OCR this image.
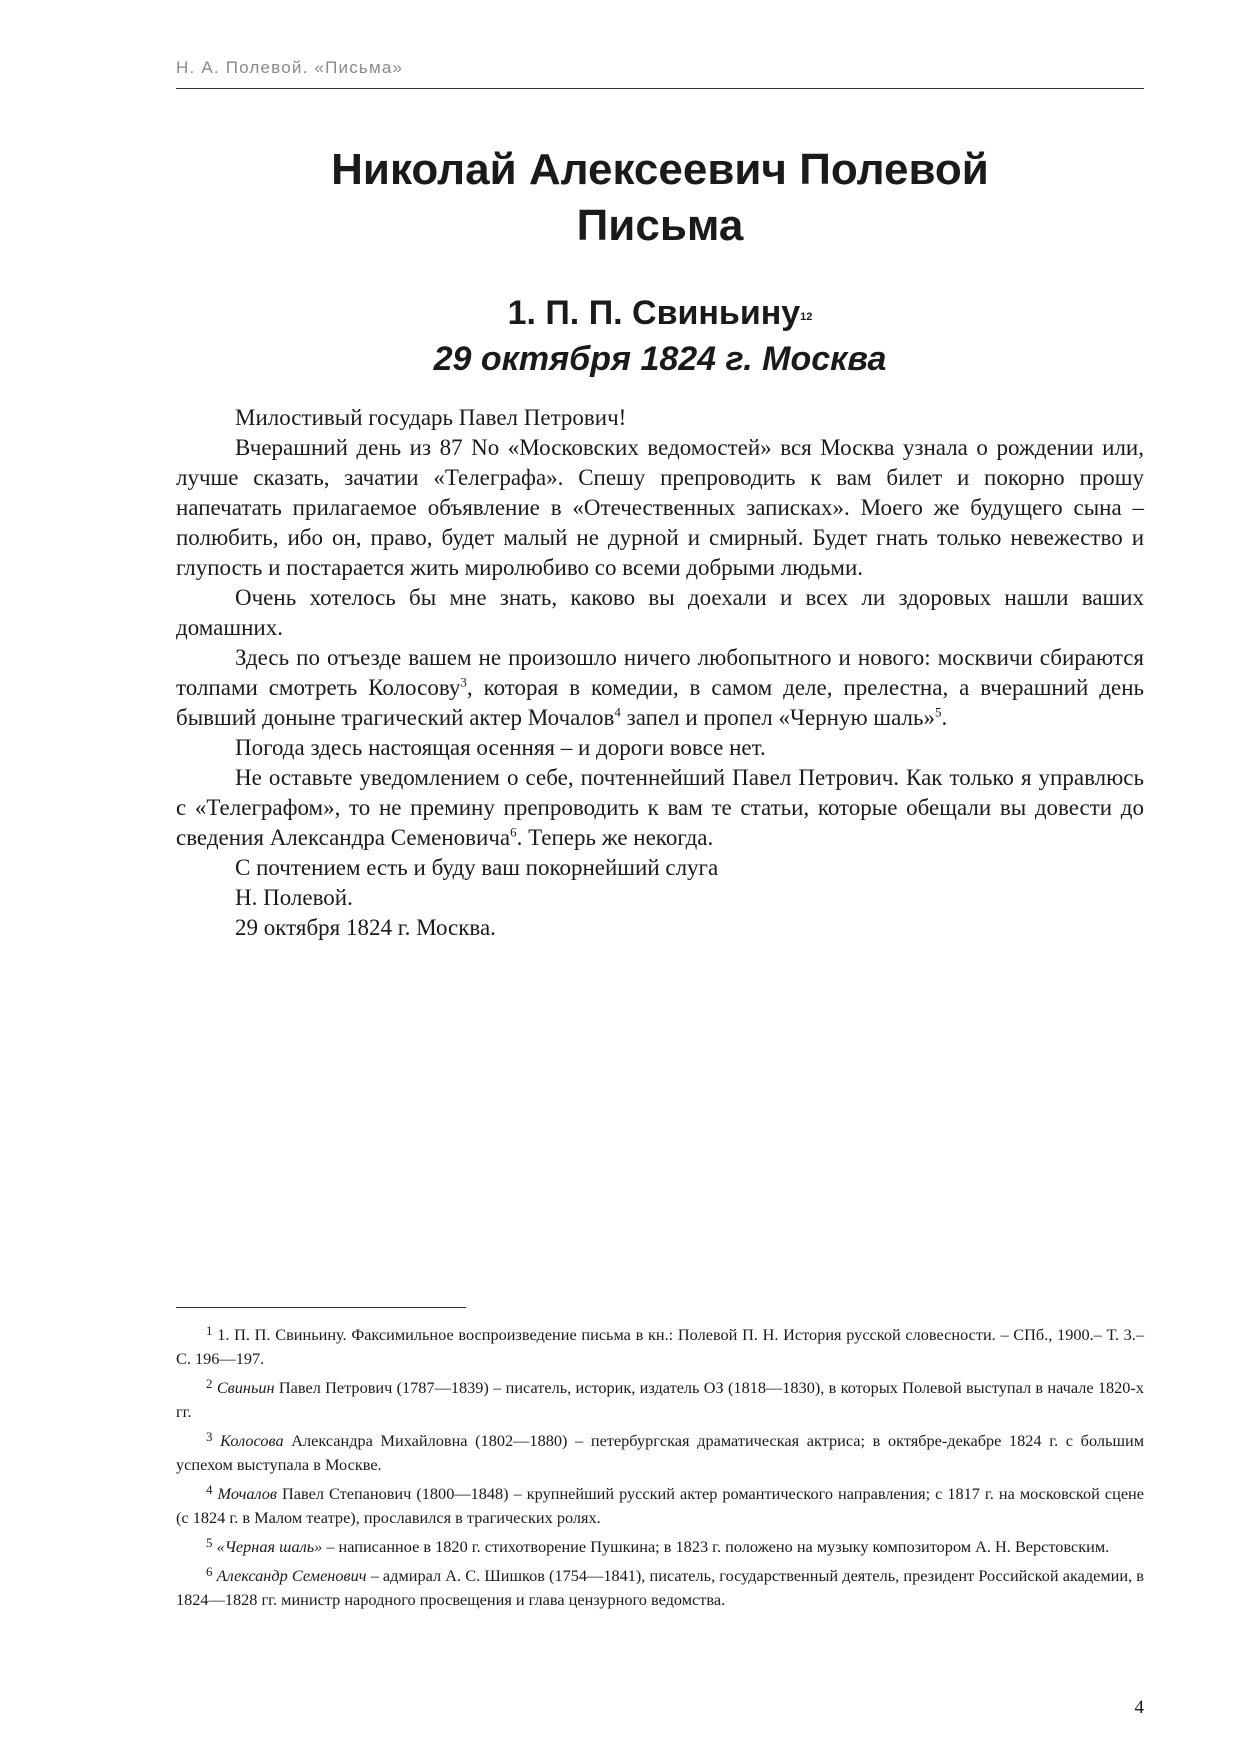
Н. А. Полевой. «Письма»
Николай Алексеевич Полевой
Письма
1. П. П. Свиньину$^{12}$
29 октября 1824 г. Москва

Милостивый государь Павел Петрович!

Вчерашний день из 87 No «Московских ведомостей» вся Москва узнала о рождении или, лучше сказать, зачатии «Телеграфа». Спешу препроводить к вам билет и покорно прошу напечатать прилагаемое объявление в «Отечественных записках». Моего же будущего сына – полюбить, ибо он, право, будет малый не дурной и смирный. Будет гнать только невежество и глупость и постарается жить миролюбиво со всеми добрыми людьми.

Очень хотелось бы мне знать, каково вы доехали и всех ли здоровых нашли ваших домашних.

Здесь по отъезде вашем не произошло ничего любопытного и нового: москвичи сбираются толпами смотреть Колосову$^3$, которая в комедии, в самом деле, прелестна, а вчерашний день бывший доныне трагический актер Мочалов$^4$ запел и пропел «Черную шаль»$^5$.

Погода здесь настоящая осенняя – и дороги вовсе нет.

Не оставьте уведомлением о себе, почтеннейший Павел Петрович. Как только я управлюсь с «Телеграфом», то не премину препроводить к вам те статьи, которые обещали вы довести до сведения Александра Семеновича$^6$. Теперь же некогда.

С почтением есть и буду ваш покорнейший слуга

Н. Полевой.

29 октября 1824 г. Москва.

$^1$ 1. П. П. Свиньину. Факсимильное воспроизведение письма в кн.: Полевой П. Н. История русской словесности. – СПб., 1900.– Т. 3.– С. 196—197.

$^2$ Свиньин Павел Петрович (1787—1839) – писатель, историк, издатель ОЗ (1818—1830), в которых Полевой выступал в начале 1820-х гг.

$^3$ Колосова Александра Михайловна (1802—1880) – петербургская драматическая актриса; в октябре-декабре 1824 г. с большим успехом выступала в Москве.

$^4$ Мочалов Павел Степанович (1800—1848) – крупнейший русский актер романтического направления; с 1817 г. на московской сцене (с 1824 г. в Малом театре), прославился в трагических ролях.

$^5$ «Черная шаль» – написанное в 1820 г. стихотворение Пушкина; в 1823 г. положено на музыку композитором А. Н. Верстовским.

$^6$ Александр Семенович – адмирал А. С. Шишков (1754—1841), писатель, государственный деятель, президент Российской академии, в 1824—1828 гг. министр народного просвещения и глава цензурного ведомства.

4
